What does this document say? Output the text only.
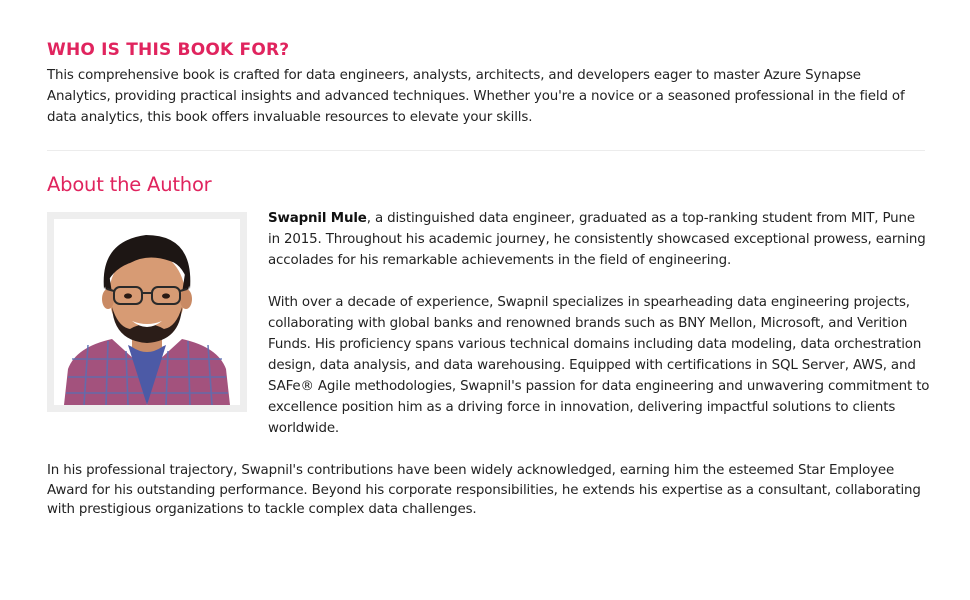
WHO IS THIS BOOK FOR?

This comprehensive book is crafted for data engineers, analysts, architects, and developers eager to master Azure Synapse Analytics, providing practical insights and advanced techniques. Whether you're a novice or a seasoned professional in the field of data analytics, this book offers invaluable resources to elevate your skills.

About the Author

Swapnil Mule, a distinguished data engineer, graduated as a top-ranking student from MIT, Pune in 2015. Throughout his academic journey, he consistently showcased exceptional prowess, earning accolades for his remarkable achievements in the field of engineering.

With over a decade of experience, Swapnil specializes in spearheading data engineering projects, collaborating with global banks and renowned brands such as BNY Mellon, Microsoft, and Verition Funds. His proficiency spans various technical domains including data modeling, data orchestration design, data analysis, and data warehousing. Equipped with certifications in SQL Server, AWS, and SAFe® Agile methodologies, Swapnil's passion for data engineering and unwavering commitment to excellence position him as a driving force in innovation, delivering impactful solutions to clients worldwide.

In his professional trajectory, Swapnil's contributions have been widely acknowledged, earning him the esteemed Star Employee Award for his outstanding performance. Beyond his corporate responsibilities, he extends his expertise as a consultant, collaborating with prestigious organizations to tackle complex data challenges.
